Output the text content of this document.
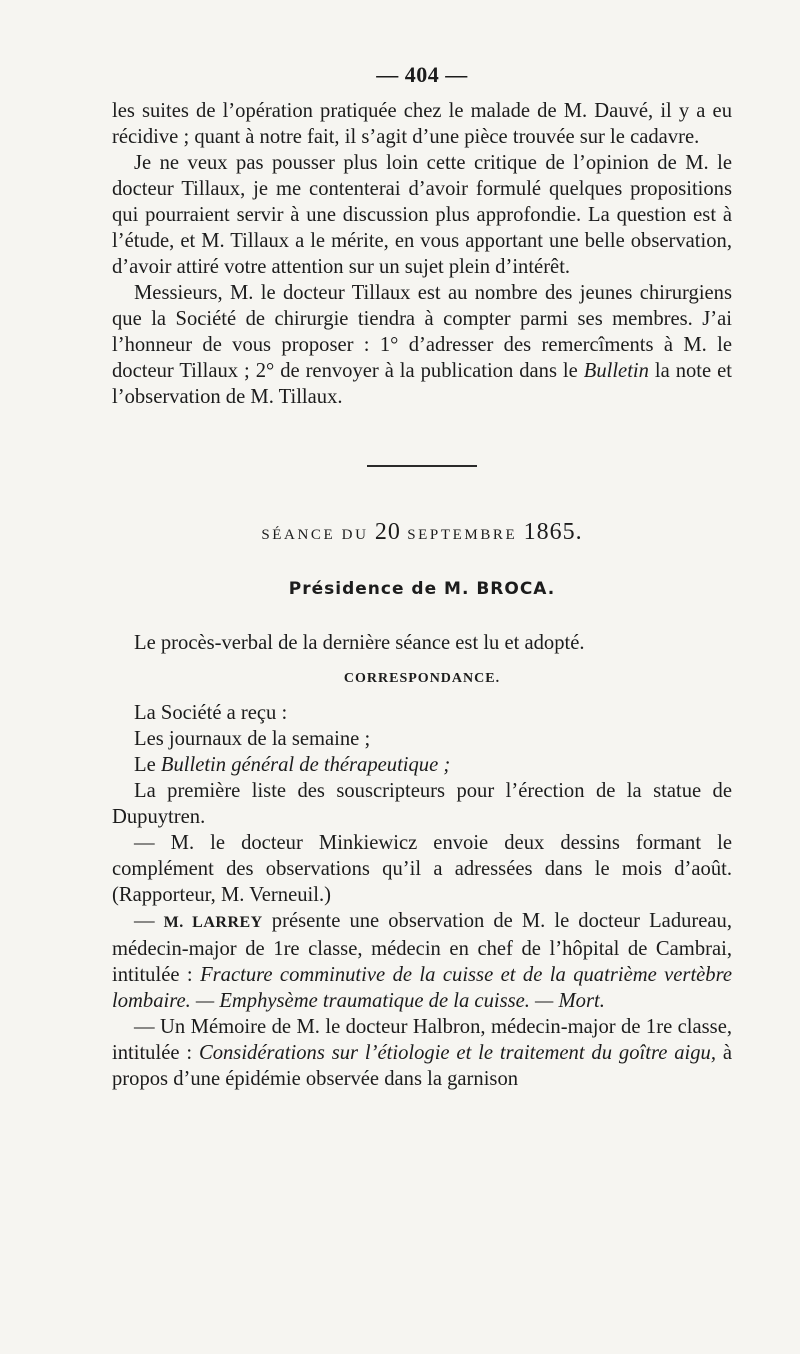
— 404 —

les suites de l’opération pratiquée chez le malade de M. Dauvé, il y a eu récidive ; quant à notre fait, il s’agit d’une pièce trouvée sur le cadavre.

Je ne veux pas pousser plus loin cette critique de l’opinion de M. le docteur Tillaux, je me contenterai d’avoir formulé quelques propositions qui pourraient servir à une discussion plus approfondie. La question est à l’étude, et M. Tillaux a le mérite, en vous apportant une belle observation, d’avoir attiré votre attention sur un sujet plein d’intérêt.

Messieurs, M. le docteur Tillaux est au nombre des jeunes chirurgiens que la Société de chirurgie tiendra à compter parmi ses membres. J’ai l’honneur de vous proposer : 1° d’adresser des remercîments à M. le docteur Tillaux ; 2° de renvoyer à la publication dans le Bulletin la note et l’observation de M. Tillaux.

SÉANCE DU 20 SEPTEMBRE 1865.
Présidence de M. BROCA.

Le procès-verbal de la dernière séance est lu et adopté.

CORRESPONDANCE.

La Société a reçu :

Les journaux de la semaine ;

Le Bulletin général de thérapeutique ;

La première liste des souscripteurs pour l’érection de la statue de Dupuytren.

— M. le docteur Minkiewicz envoie deux dessins formant le complément des observations qu’il a adressées dans le mois d’août. (Rapporteur, M. Verneuil.)

— M. LARREY présente une observation de M. le docteur Ladureau, médecin-major de 1re classe, médecin en chef de l’hôpital de Cambrai, intitulée : Fracture comminutive de la cuisse et de la quatrième vertèbre lombaire. — Emphysème traumatique de la cuisse. — Mort.

— Un Mémoire de M. le docteur Halbron, médecin-major de 1re classe, intitulée : Considérations sur l’étiologie et le traitement du goître aigu, à propos d’une épidémie observée dans la garnison
